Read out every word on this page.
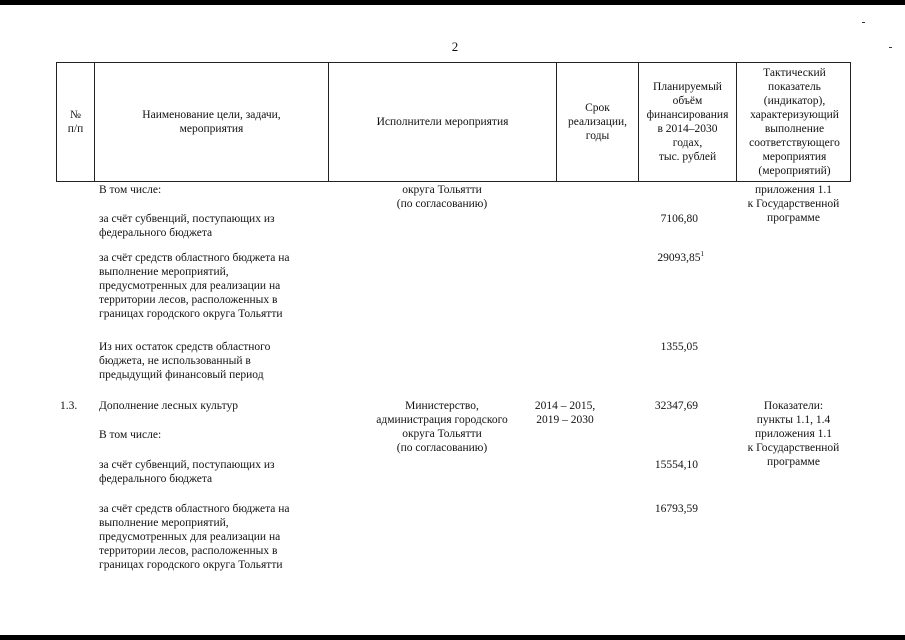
2
№
п/п
Наименование цели, задачи,
мероприятия
Исполнители мероприятия
Срок
реализации,
годы
Планируемый
объём
финансирования
в 2014–2030 годах,
тыс. рублей
Тактический
показатель
(индикатор),
характеризующий
выполнение
соответствующего
мероприятия
(мероприятий)
В том числе:	округа Тольятти
(по согласованию)
приложения 1.1
к Государственной
программе
за счёт субвенций, поступающих из
федерального бюджета
7106,80
за счёт средств областного бюджета на
выполнение мероприятий,
предусмотренных для реализации на
территории лесов, расположенных в
границах городского округа Тольятти
29093,85$^1$
Из них остаток средств областного
бюджета, не использованный в
предыдущий финансовый период
1355,05
1.3. Дополнение лесных культур
В том числе:
Министерство,
администрация городского
округа Тольятти
(по согласованию)
2014 – 2015,
2019 – 2030
32347,69	Показатели:
пункты 1.1, 1.4
приложения 1.1
к Государственной
программе
за счёт субвенций, поступающих из
федерального бюджета
15554,10
за счёт средств областного бюджета на
выполнение мероприятий,
предусмотренных для реализации на
территории лесов, расположенных в
границах городского округа Тольятти
16793,59
